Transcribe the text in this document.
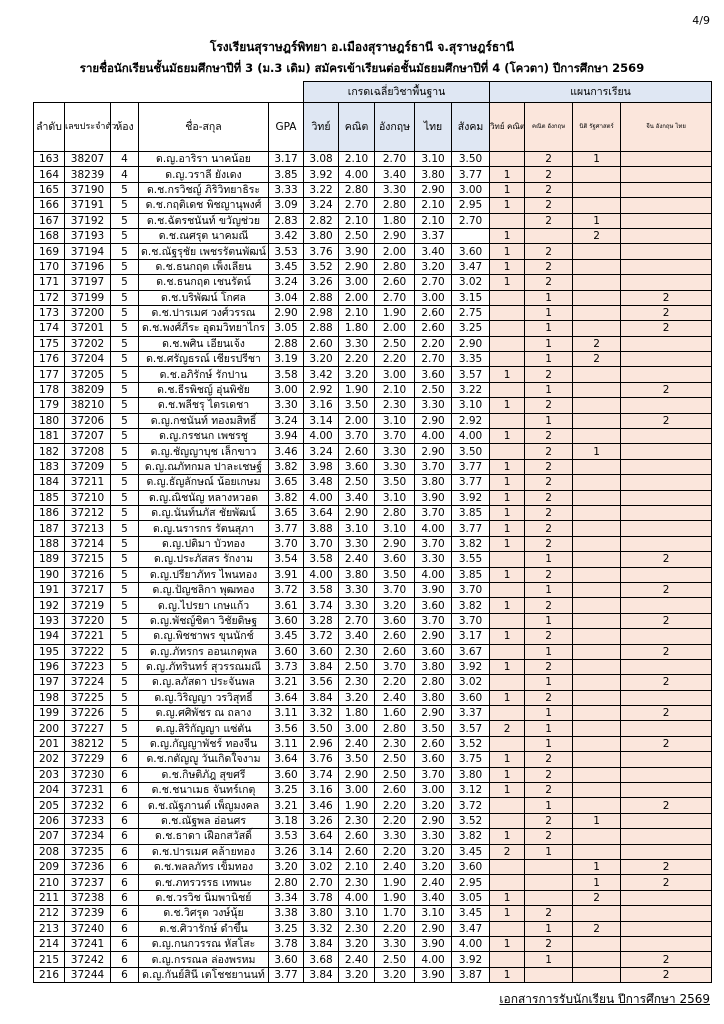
4/9
โรงเรียนสุราษฎร์พิทยา อ.เมืองสุราษฎร์ธานี จ.สุราษฎร์ธานี
รายชื่อนักเรียนชั้นมัธยมศึกษาปีที่ 3 (ม.3 เดิม) สมัครเข้าเรียนต่อชั้นมัธยมศึกษาปีที่ 4 (โควตา) ปีการศึกษา 2569
					เกรดเฉลี่ยวิชาพื้นฐาน					แผนการเรียน			
ลำดับ	เลขประจำตัว	ห้อง	ชื่อ-สกุล	GPA	วิทย์	คณิต	อังกฤษ	ไทย	สังคม	วิทย์ คณิต	คณิต อังกฤษ	นิติ รัฐศาสตร์	จีน อังกฤษ ไทย
163	38207	4	ด.ญ.อาริรา นาคน้อย	3.17	3.08	2.10	2.70	3.10	3.50		2	1	
164	38239	4	ด.ญ.วราลี ยังเดง	3.85	3.92	4.00	3.40	3.80	3.77	1	2		
165	37190	5	ด.ช.กรวิชญ์ ภิริวิทยาธิระ	3.33	3.22	2.80	3.30	2.90	3.00	1	2		
166	37191	5	ด.ช.กฤติเดช พิชญานุพงศ์	3.09	3.24	2.70	2.80	2.10	2.95	1	2		
167	37192	5	ด.ช.ฉัตรชนันท์ ขวัญช่วย	2.83	2.82	2.10	1.80	2.10	2.70		2	1	
168	37193	5	ด.ช.ณศรุต นาคมณี	3.42	3.80	2.50	2.90	3.37		1		2	
169	37194	5	ด.ช.ณัฐรุชัย เพชรรัตนพัฒน์	3.53	3.76	3.90	2.00	3.40	3.60	1	2		
170	37196	5	ด.ช.ธนกฤต เพ็งเลียน	3.45	3.52	2.90	2.80	3.20	3.47	1	2		
171	37197	5	ด.ช.ธนกฤต เชนรัตน์	3.24	3.26	3.00	2.60	2.70	3.02	1	2		
172	37199	5	ด.ช.บริพัฒน์ โกศล	3.04	2.88	2.00	2.70	3.00	3.15		1		2
173	37200	5	ด.ช.ปารเมศ วงศ์วรรณ	2.90	2.98	2.10	1.90	2.60	2.75		1		2
174	37201	5	ด.ช.พงศ์ภีระ อุดมวิทยาไกร	3.05	2.88	1.80	2.00	2.60	3.25		1		2
175	37202	5	ด.ช.พศิน เอียนเจ้ง	2.88	2.60	3.30	2.50	2.20	2.90		1	2	
176	37204	5	ด.ช.ศรัญธรณ์ เชียรปรีชา	3.19	3.20	2.20	2.20	2.70	3.35		1	2	
177	37205	5	ด.ช.อภิรักษ์ รักปาน	3.58	3.42	3.20	3.00	3.60	3.57	1	2		
178	38209	5	ด.ช.ธีรพิชญ์ อุ่นพิชัย	3.00	2.92	1.90	2.10	2.50	3.22		1		2
179	38210	5	ด.ช.พลีชรุ ไตรเดชา	3.30	3.16	3.50	2.30	3.30	3.10	1	2		
180	37206	5	ด.ญ.กชนันท์ ทองมสิทธิ์	3.24	3.14	2.00	3.10	2.90	2.92		1		2
181	37207	5	ด.ญ.กรชนก เพชรชู	3.94	4.00	3.70	3.70	4.00	4.00	1	2		
182	37208	5	ด.ญ.ชัญญาบุช เล็กขาว	3.46	3.24	2.60	3.30	2.90	3.50		2	1	
183	37209	5	ด.ญ.ณภัทกมล ปาละเชษฐ์	3.82	3.98	3.60	3.30	3.70	3.77	1	2		
184	37211	5	ด.ญ.ธัญลักษณ์ น้อยเกษม	3.65	3.48	2.50	3.50	3.80	3.77	1	2		
185	37210	5	ด.ญ.ณิชนัญ หลางหวอด	3.82	4.00	3.40	3.10	3.90	3.92	1	2		
186	37212	5	ด.ญ.นันท์นภัส ชัยพัฒน์	3.65	3.64	2.90	2.80	3.70	3.85	1	2		
187	37213	5	ด.ญ.นรารกร รัตนสุภา	3.77	3.88	3.10	3.10	4.00	3.77	1	2		
188	37214	5	ด.ญ.ปติมา บัวทอง	3.70	3.70	3.30	2.90	3.70	3.82	1	2		
189	37215	5	ด.ญ.ประภัสสร รักงาม	3.54	3.58	2.40	3.60	3.30	3.55		1		2
190	37216	5	ด.ญ.ปรียาภัทร ไพนทอง	3.91	4.00	3.80	3.50	4.00	3.85	1	2		
191	37217	5	ด.ญ.ปัญชลิกา พุฒทอง	3.72	3.58	3.30	3.70	3.90	3.70		1		2
192	37219	5	ด.ญ.ไปรยา เกษแก้ว	3.61	3.74	3.30	3.20	3.60	3.82	1	2		
193	37220	5	ด.ญ.พัชญ์ชิตา วิชัยดิษฐ	3.60	3.28	2.70	3.60	3.70	3.70		1		2
194	37221	5	ด.ญ.พิชชาพร ขุนนักช์	3.45	3.72	3.40	2.60	2.90	3.17	1	2		
195	37222	5	ด.ญ.ภัทรกร ออนเกตุพล	3.60	3.60	2.30	2.60	3.60	3.67		1		2
196	37223	5	ด.ญ.ภัทรินทร์ สุวรรณมณี	3.73	3.84	2.50	3.70	3.80	3.92	1	2		
197	37224	5	ด.ญ.ลภัสดา ประจันพล	3.21	3.56	2.30	2.20	2.80	3.02		1		2
198	37225	5	ด.ญ.วิริญญา วรวิสุทธิ์	3.64	3.84	3.20	2.40	3.80	3.60	1	2		
199	37226	5	ด.ญ.ศศิพัชร ณ ถลาง	3.11	3.32	1.80	1.60	2.90	3.37		1		2
200	37227	5	ด.ญ.สิริกัญญา แซ่ตัน	3.56	3.50	3.00	2.80	3.50	3.57	2	1		
201	38212	5	ด.ญ.กัญญาพัชร์ ทองจีน	3.11	2.96	2.40	2.30	2.60	3.52		1		2
202	37229	6	ด.ช.กตัญญู วันเกิดใจงาม	3.64	3.76	3.50	2.50	3.60	3.75	1	2		
203	37230	6	ด.ช.กิษติภัฎ สุขศรี	3.60	3.74	2.90	2.50	3.70	3.80	1	2		
204	37231	6	ด.ช.ชนาเมธ จันทร์เกตุ	3.25	3.16	3.00	2.60	3.00	3.12	1	2		
205	37232	6	ด.ช.ณัฐภานต์ เพ็ญมงคล	3.21	3.46	1.90	2.20	3.20	3.72		1		2
206	37233	6	ด.ช.ณัฐพล อ่อนศร	3.18	3.26	2.30	2.20	2.90	3.52		2	1	
207	37234	6	ด.ช.ธาดา เฝือกสวัสดิ์	3.53	3.64	2.60	3.30	3.30	3.82	1	2		
208	37235	6	ด.ช.ปารเมศ คล้ายทอง	3.26	3.14	2.60	2.20	3.20	3.45	2	1		
209	37236	6	ด.ช.พลลภัทร เข็มทอง	3.20	3.02	2.10	2.40	3.20	3.60			1	2
210	37237	6	ด.ช.ภทรวรรธ เทพนะ	2.80	2.70	2.30	1.90	2.40	2.95			1	2
211	37238	6	ด.ช.วรวิช นิ่มพานิชย์	3.34	3.78	4.00	1.90	3.40	3.05	1		2	
212	37239	6	ด.ช.วิศรุต วงษ์นุ้ย	3.38	3.80	3.10	1.70	3.10	3.45	1	2		
213	37240	6	ด.ช.ศิวารักษ์ ดำขึ้น	3.25	3.32	2.30	2.20	2.90	3.47		1	2	
214	37241	6	ด.ญ.กนกวรรณ หัสโสะ	3.78	3.84	3.20	3.30	3.90	4.00	1	2		
215	37242	6	ด.ญ.กรรณล ล่องพรหม	3.60	3.68	2.40	2.50	4.00	3.92		1		2
216	37244	6	ด.ญ.กันย์สินี เตโชชยานนท์	3.77	3.84	3.20	3.20	3.90	3.87	1			2
เอกสารการรับนักเรียน ปีการศึกษา 2569
